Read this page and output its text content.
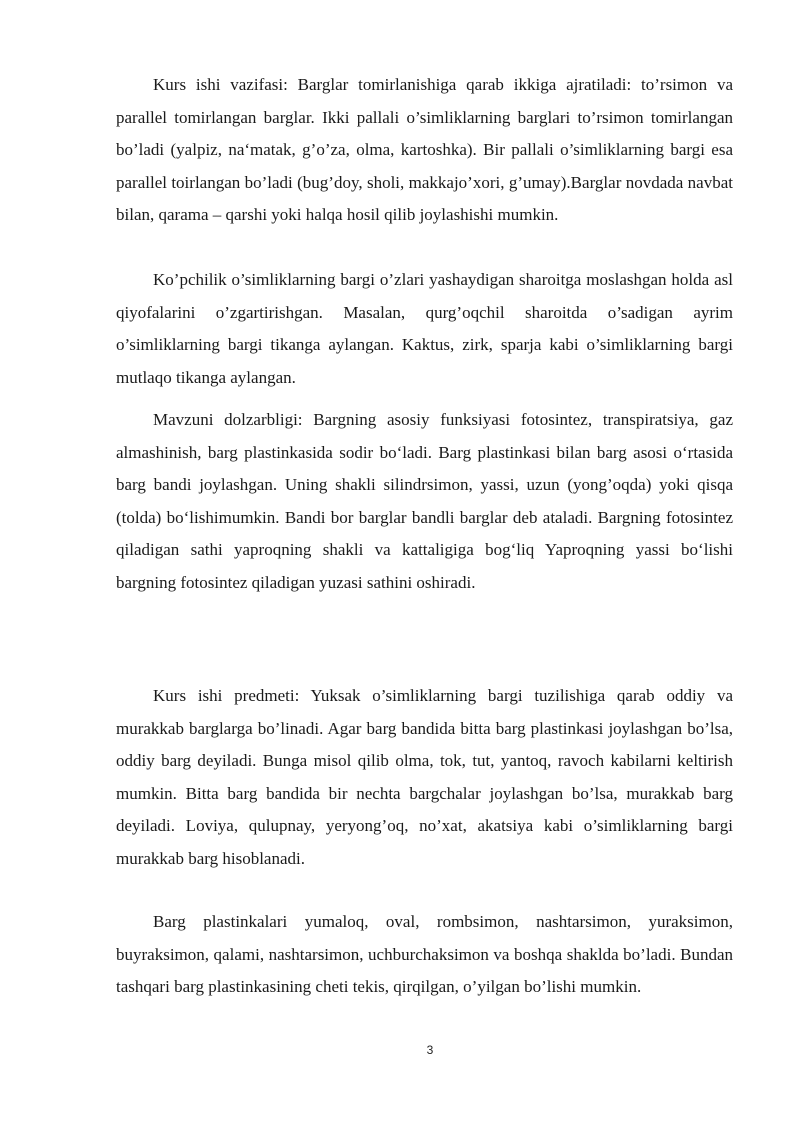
Kurs ishi vazifasi: Barglar tomirlanishiga qarab ikkiga ajratiladi: to’rsimon va parallel tomirlangan barglar. Ikki pallali o’simliklarning barglari to’rsimon tomirlangan bo’ladi (yalpiz, na‘matak, g’o’za, olma, kartoshka). Bir pallali o’simliklarning bargi esa parallel toirlangan bo’ladi (bug’doy, sholi, makkajo’xori, g’umay).Barglar novdada navbat bilan, qarama – qarshi yoki halqa hosil qilib joylashishi mumkin.

Ko’pchilik o’simliklarning bargi o’zlari yashaydigan sharoitga moslashgan holda asl qiyofalarini o’zgartirishgan. Masalan, qurg’oqchil sharoitda o’sadigan ayrim o’simliklarning bargi tikanga aylangan. Kaktus, zirk, sparja kabi o’simliklarning bargi mutlaqo tikanga aylangan.

Mavzuni dolzarbligi: Bargning asosiy funksiyasi fotosintez, transpiratsiya, gaz almashinish, barg plastinkasida sodir bo‘ladi. Barg plastinkasi bilan barg asosi o‘rtasida barg bandi joylashgan. Uning shakli silindrsimon, yassi, uzun (yong’oqda) yoki qisqa (tolda) bo‘lishimumkin. Bandi bor barglar bandli barglar deb ataladi. Bargning fotosintez qiladigan sathi yaproqning shakli va kattaligiga bog‘liq Yaproqning yassi bo‘lishi bargning fotosintez qiladigan yuzasi sathini oshiradi.

Kurs ishi predmeti: Yuksak o’simliklarning bargi tuzilishiga qarab oddiy va murakkab barglarga bo’linadi. Agar barg bandida bitta barg plastinkasi joylashgan bo’lsa, oddiy barg deyiladi. Bunga misol qilib olma, tok, tut, yantoq, ravoch kabilarni keltirish mumkin. Bitta barg bandida bir nechta bargchalar joylashgan bo’lsa, murakkab barg deyiladi. Loviya, qulupnay, yeryong’oq, no’xat, akatsiya kabi o’simliklarning bargi murakkab barg hisoblanadi.

Barg plastinkalari yumaloq, oval, rombsimon, nashtarsimon, yuraksimon, buyraksimon, qalami, nashtarsimon, uchburchaksimon va boshqa shaklda bo’ladi. Bundan tashqari barg plastinkasining cheti tekis, qirqilgan, o’yilgan bo’lishi mumkin.

3
